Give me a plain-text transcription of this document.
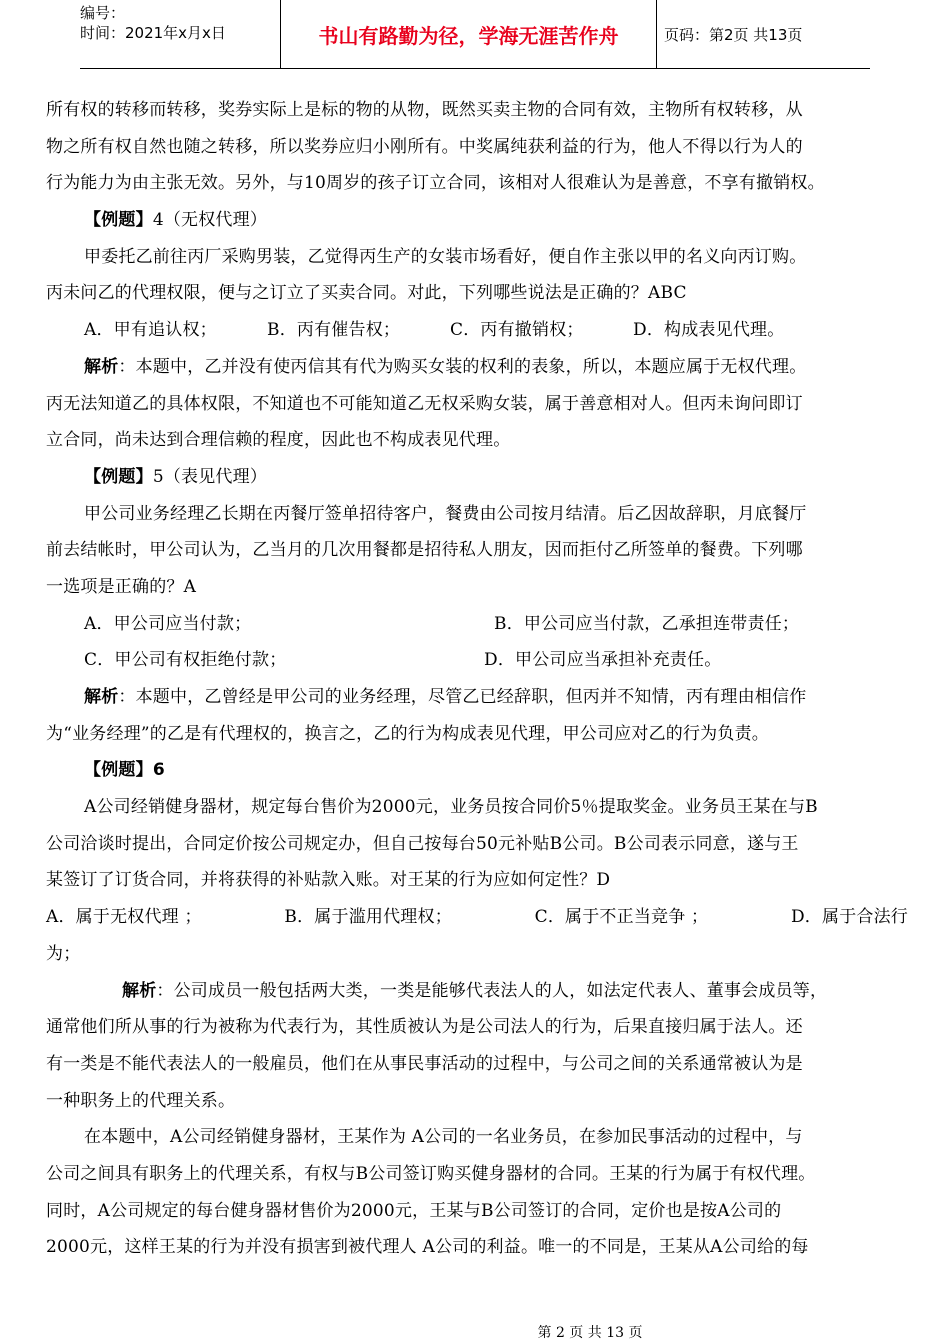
编号：
时间：2021年x月x日	书山有路勤为径，学海无涯苦作舟	页码：第2页 共13页
所有权的转移而转移，奖券实际上是标的物的从物，既然买卖主物的合同有效，主物所有权转移，从
物之所有权自然也随之转移，所以奖券应归小刚所有。中奖属纯获利益的行为，他人不得以行为人的
行为能力为由主张无效。另外，与10周岁的孩子订立合同，该相对人很难认为是善意，不享有撤销权。
【例题】4（无权代理）
甲委托乙前往丙厂采购男装，乙觉得丙生产的女装市场看好，便自作主张以甲的名义向丙订购。
丙未问乙的代理权限，便与之订立了买卖合同。对此，下列哪些说法是正确的？ABC
A．甲有追认权；	B．丙有催告权；	C．丙有撤销权；	D．构成表见代理。
解析：本题中，乙并没有使丙信其有代为购买女装的权利的表象，所以，本题应属于无权代理。
丙无法知道乙的具体权限，不知道也不可能知道乙无权采购女装，属于善意相对人。但丙未询问即订
立合同，尚未达到合理信赖的程度，因此也不构成表见代理。
【例题】5（表见代理）
甲公司业务经理乙长期在丙餐厅签单招待客户，餐费由公司按月结清。后乙因故辞职，月底餐厅
前去结帐时，甲公司认为，乙当月的几次用餐都是招待私人朋友，因而拒付乙所签单的餐费。下列哪
一选项是正确的？A
A．甲公司应当付款；	B．甲公司应当付款，乙承担连带责任；
C．甲公司有权拒绝付款；	D．甲公司应当承担补充责任。
解析：本题中，乙曾经是甲公司的业务经理，尽管乙已经辞职，但丙并不知情，丙有理由相信作
为“业务经理”的乙是有代理权的，换言之，乙的行为构成表见代理，甲公司应对乙的行为负责。
【例题】6
A公司经销健身器材，规定每台售价为2000元，业务员按合同价5％提取奖金。业务员王某在与B
公司洽谈时提出，合同定价按公司规定办，但自己按每台50元补贴B公司。B公司表示同意，遂与王
某签订了订货合同，并将获得的补贴款入账。对王某的行为应如何定性？D
A．属于无权代理 ；	B．属于滥用代理权；	C．属于不正当竞争 ；	D．属于合法行
为；
解析：公司成员一般包括两大类，一类是能够代表法人的人，如法定代表人、董事会成员等，
通常他们所从事的行为被称为代表行为，其性质被认为是公司法人的行为，后果直接归属于法人。还
有一类是不能代表法人的一般雇员，他们在从事民事活动的过程中，与公司之间的关系通常被认为是
一种职务上的代理关系。
在本题中，A公司经销健身器材，王某作为 A公司的一名业务员，在参加民事活动的过程中，与
公司之间具有职务上的代理关系，有权与B公司签订购买健身器材的合同。王某的行为属于有权代理。
同时，A公司规定的每台健身器材售价为2000元，王某与B公司签订的合同，定价也是按A公司的
2000元，这样王某的行为并没有损害到被代理人 A公司的利益。唯一的不同是，王某从A公司给的每
第 2 页 共 13 页
